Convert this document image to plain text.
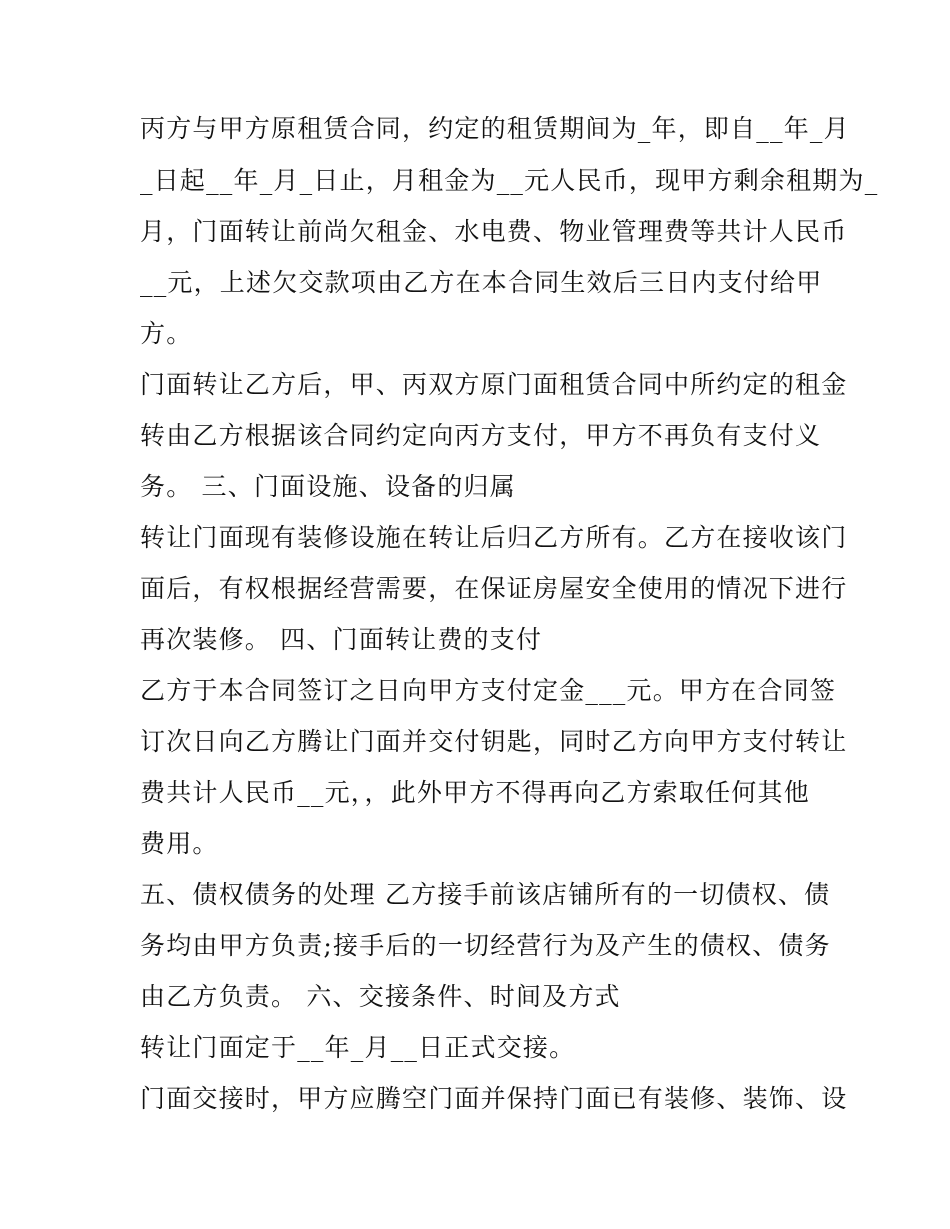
丙方与甲方原租赁合同，约定的租赁期间为_年，即自__年_月

_日起__年_月_日止，月租金为__元人民币，现甲方剩余租期为_

月，门面转让前尚欠租金、水电费、物业管理费等共计人民币

__元，上述欠交款项由乙方在本合同生效后三日内支付给甲

方。

门面转让乙方后，甲、丙双方原门面租赁合同中所约定的租金

转由乙方根据该合同约定向丙方支付，甲方不再负有支付义

务。 三、门面设施、设备的归属

转让门面现有装修设施在转让后归乙方所有。乙方在接收该门

面后，有权根据经营需要，在保证房屋安全使用的情况下进行

再次装修。 四、门面转让费的支付

乙方于本合同签订之日向甲方支付定金___元。甲方在合同签

订次日向乙方腾让门面并交付钥匙，同时乙方向甲方支付转让

费共计人民币__元，，此外甲方不得再向乙方索取任何其他

费用。

五、债权债务的处理 乙方接手前该店铺所有的一切债权、债

务均由甲方负责;接手后的一切经营行为及产生的债权、债务

由乙方负责。 六、交接条件、时间及方式

转让门面定于__年_月__日正式交接。

门面交接时，甲方应腾空门面并保持门面已有装修、装饰、设
